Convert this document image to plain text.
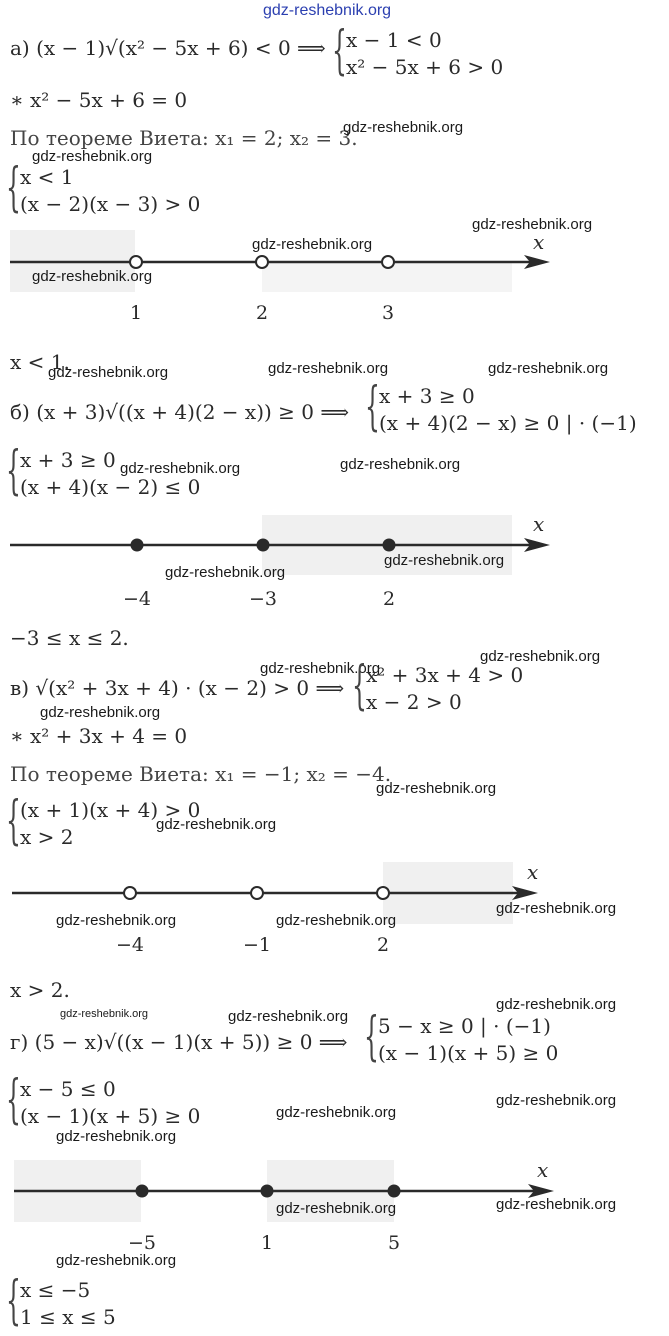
gdz-reshebnik.org
а) (x − 1)√(x² − 5x + 6) < 0 ⟹ { x − 1 < 0
x² − 5x + 6 > 0
∗ x² − 5x + 6 = 0
По теореме Виета: x₁ = 2; x₂ = 3.
gdz-reshebnik.org
gdz-reshebnik.org
{ x < 1
(x − 2)(x − 3) > 0
gdz-reshebnik.org
x
gdz-reshebnik.org
gdz-reshebnik.org
1	2	3
x < 1.
gdz-reshebnik.org	gdz-reshebnik.org	gdz-reshebnik.org
б) (x + 3)√((x + 4)(2 − x)) ≥ 0 ⟹ { x + 3 ≥ 0
(x + 4)(2 − x) ≥ 0 | · (−1)
{ x + 3 ≥ 0
(x + 4)(x − 2) ≤ 0
gdz-reshebnik.org	gdz-reshebnik.org
x
gdz-reshebnik.org
gdz-reshebnik.org
−4	−3	2
−3 ≤ x ≤ 2.
gdz-reshebnik.org
gdz-reshebnik.org
в) √(x² + 3x + 4) · (x − 2) > 0 ⟹ { x² + 3x + 4 > 0
x − 2 > 0
gdz-reshebnik.org
∗ x² + 3x + 4 = 0
По теореме Виета: x₁ = −1; x₂ = −4.
gdz-reshebnik.org
{ (x + 1)(x + 4) > 0
x > 2
gdz-reshebnik.org
x
gdz-reshebnik.org	gdz-reshebnik.org
gdz-reshebnik.org
−4	−1	2
x > 2.
gdz-reshebnik.org	gdz-reshebnik.org
gdz-reshebnik.org
г) (5 − x)√((x − 1)(x + 5)) ≥ 0 ⟹ { 5 − x ≥ 0 | · (−1)
(x − 1)(x + 5) ≥ 0
{ x − 5 ≤ 0
(x − 1)(x + 5) ≥ 0	gdz-reshebnik.org
gdz-reshebnik.org
gdz-reshebnik.org
x
gdz-reshebnik.org	gdz-reshebnik.org
−5	1	5
gdz-reshebnik.org
{ x ≤ −5
1 ≤ x ≤ 5
